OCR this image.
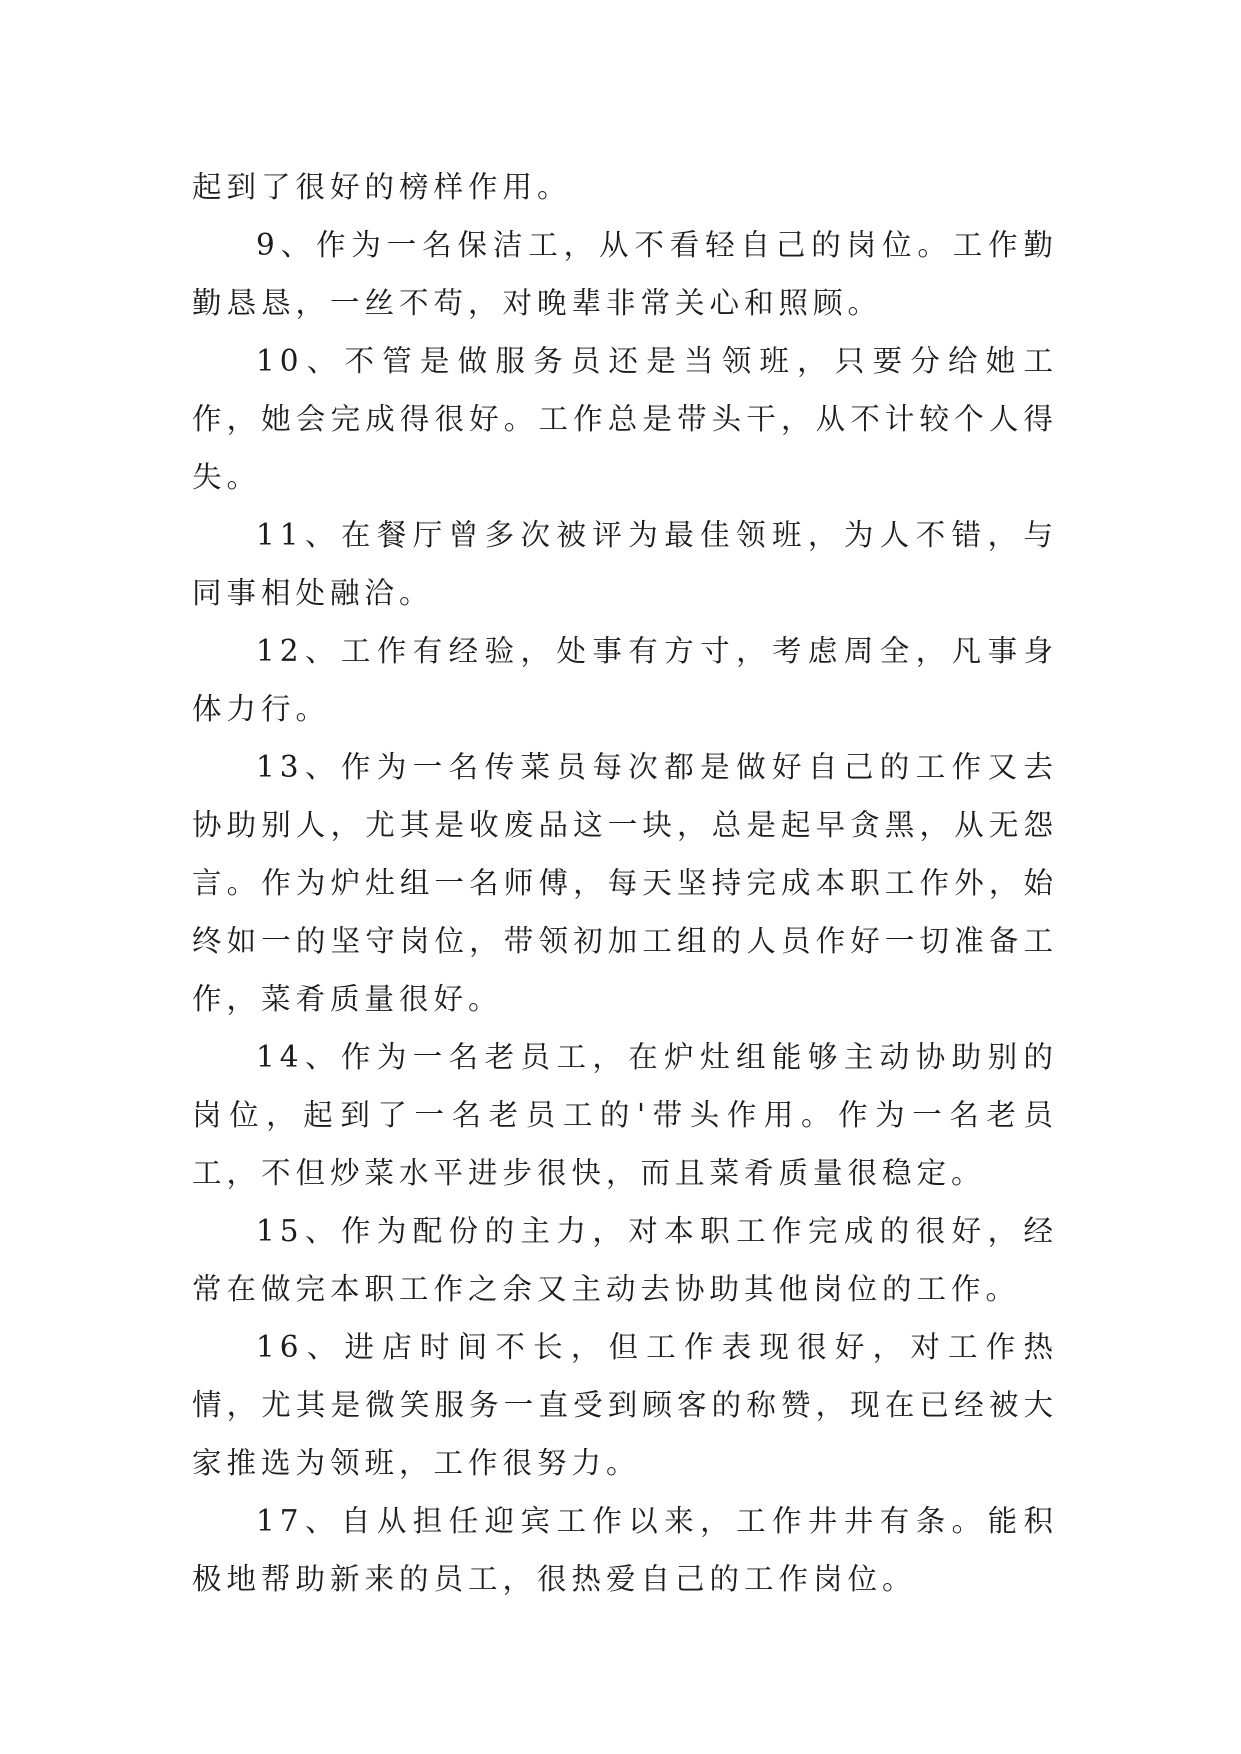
起到了很好的榜样作用。

9、作为一名保洁工，从不看轻自己的岗位。工作勤勤恳恳，一丝不苟，对晚辈非常关心和照顾。

10、不管是做服务员还是当领班，只要分给她工作，她会完成得很好。工作总是带头干，从不计较个人得失。

11、在餐厅曾多次被评为最佳领班，为人不错，与同事相处融洽。

12、工作有经验，处事有方寸，考虑周全，凡事身体力行。

13、作为一名传菜员每次都是做好自己的工作又去协助别人，尤其是收废品这一块，总是起早贪黑，从无怨言。作为炉灶组一名师傅，每天坚持完成本职工作外，始终如一的坚守岗位，带领初加工组的人员作好一切准备工作，菜肴质量很好。

14、作为一名老员工，在炉灶组能够主动协助别的岗位，起到了一名老员工的'带头作用。作为一名老员工，不但炒菜水平进步很快，而且菜肴质量很稳定。

15、作为配份的主力，对本职工作完成的很好，经常在做完本职工作之余又主动去协助其他岗位的工作。

16、进店时间不长，但工作表现很好，对工作热情，尤其是微笑服务一直受到顾客的称赞，现在已经被大家推选为领班，工作很努力。

17、自从担任迎宾工作以来，工作井井有条。能积极地帮助新来的员工，很热爱自己的工作岗位。
